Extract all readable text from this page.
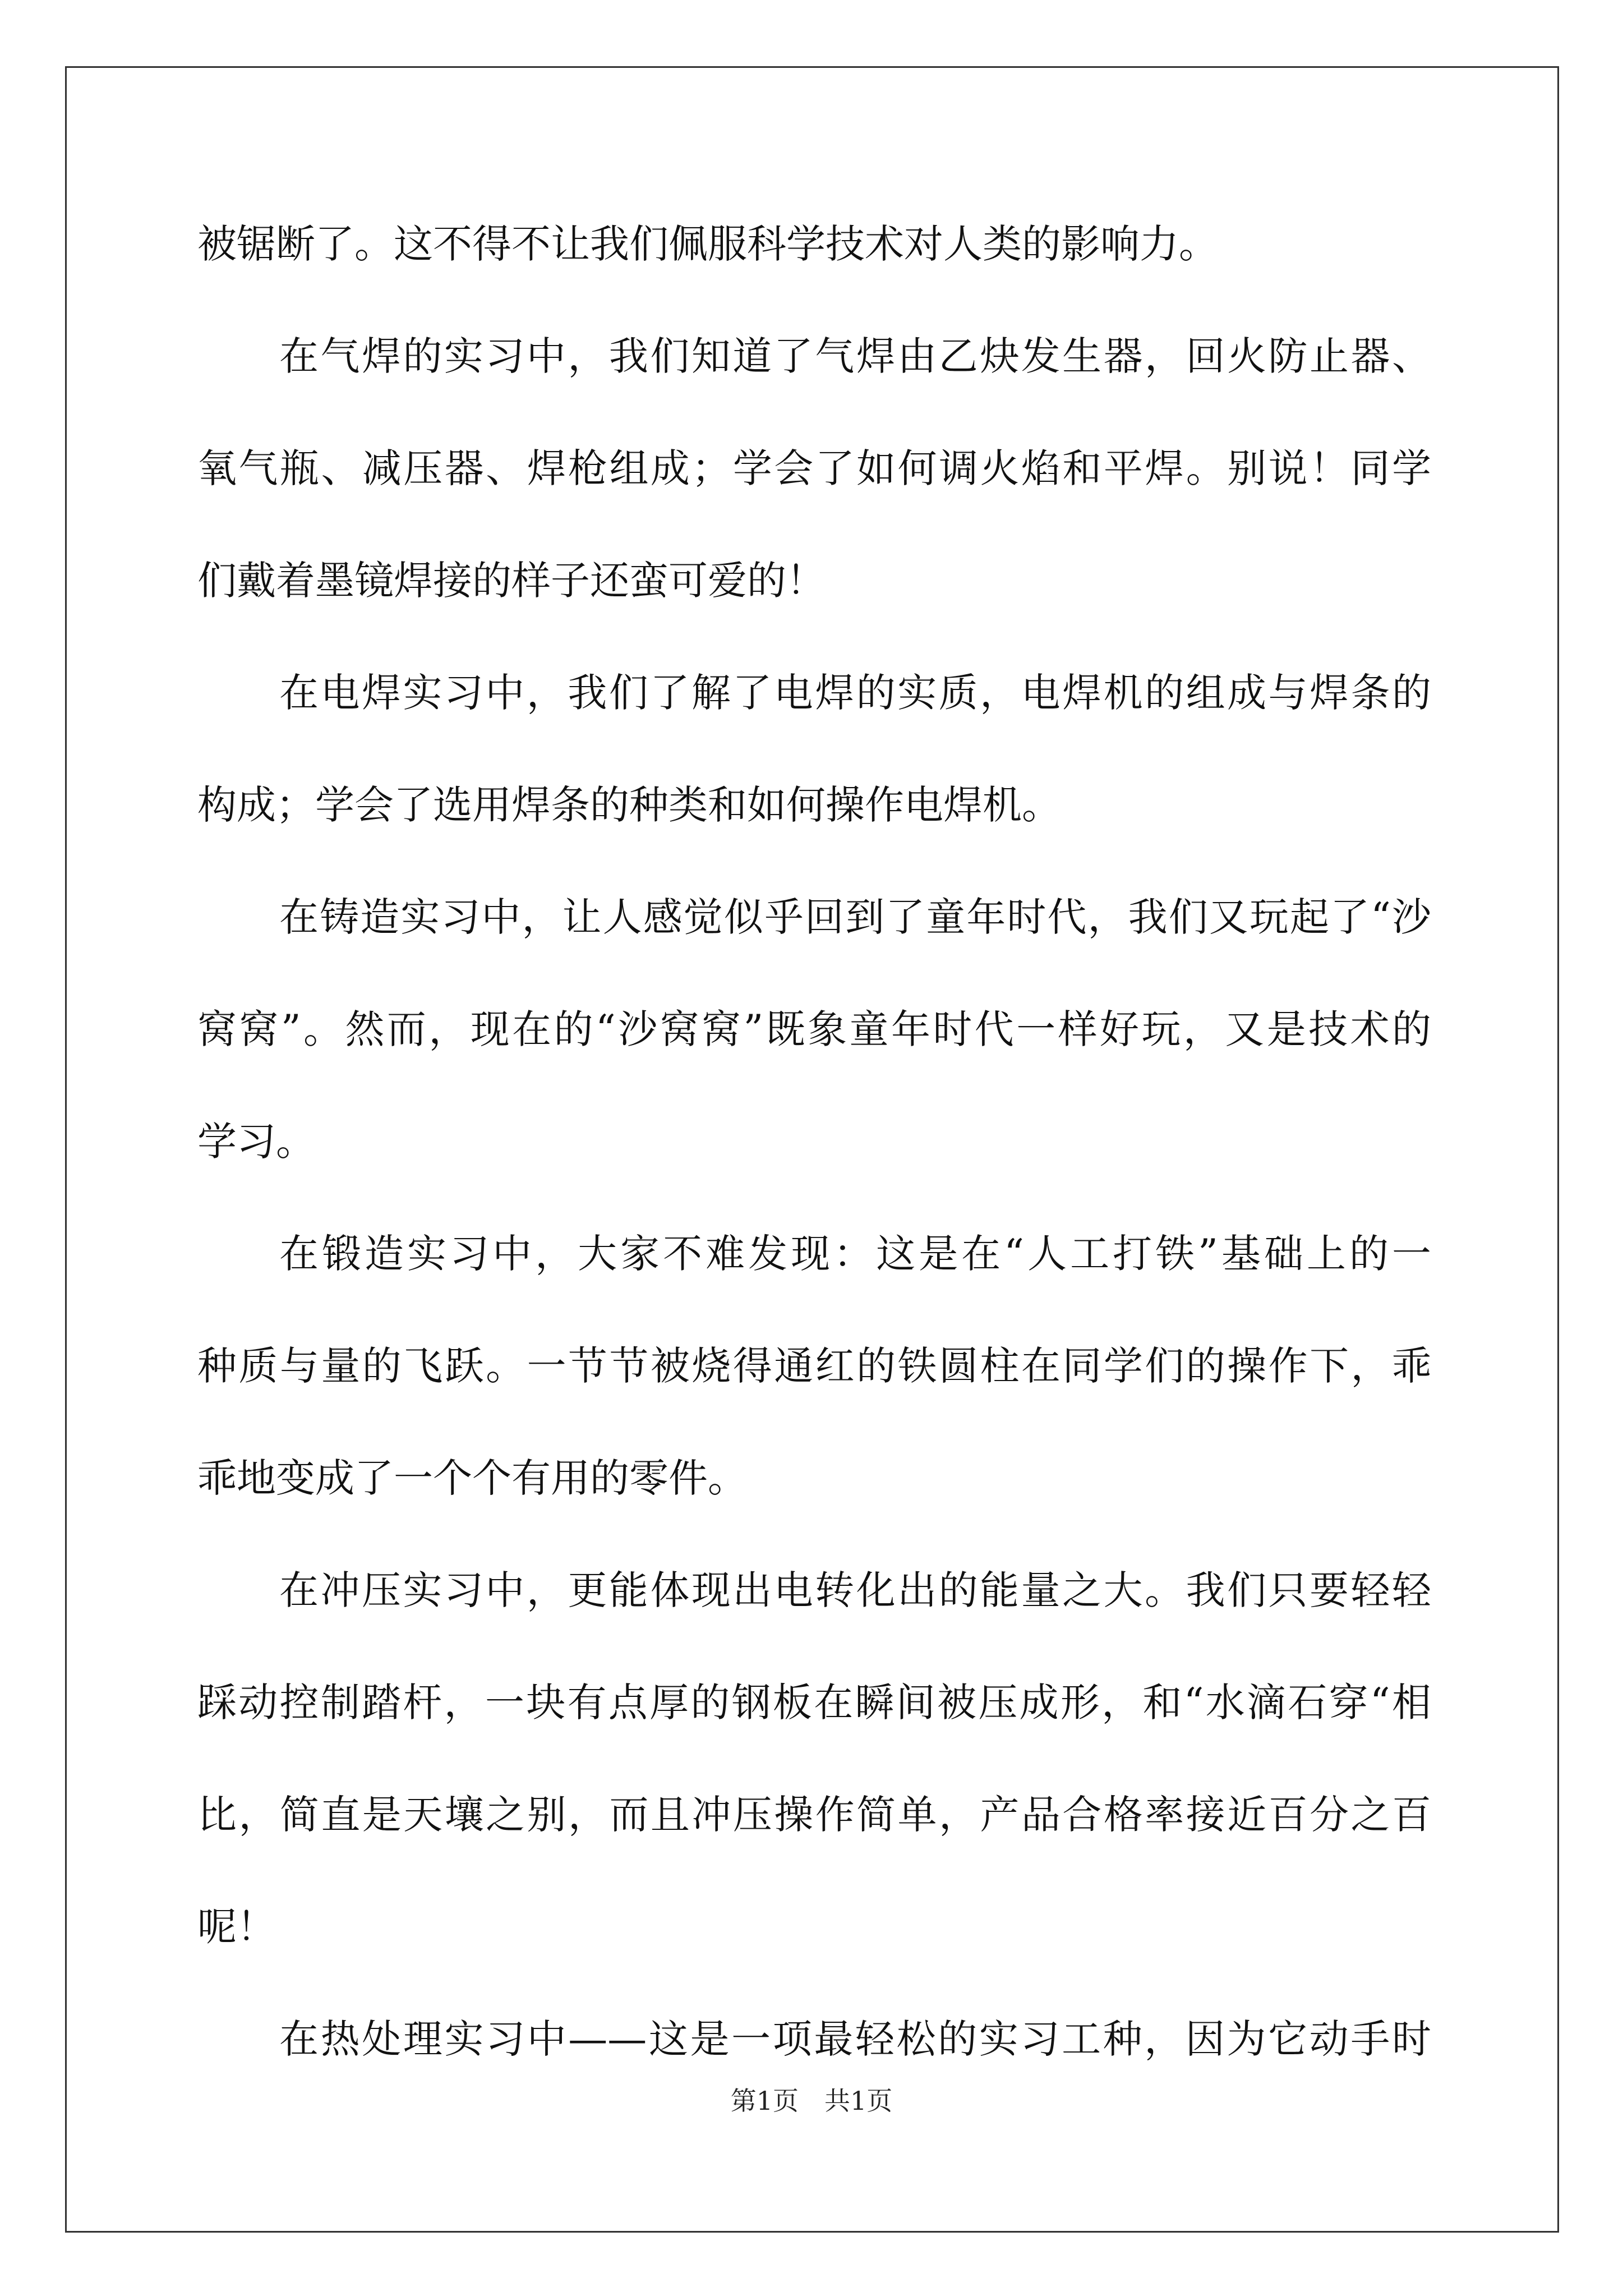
被锯断了。这不得不让我们佩服科学技术对人类的影响力。
在气焊的实习中，我们知道了气焊由乙炔发生器，回火防止器、
氧气瓶、减压器、焊枪组成；学会了如何调火焰和平焊。别说！同学
们戴着墨镜焊接的样子还蛮可爱的！
在电焊实习中，我们了解了电焊的实质，电焊机的组成与焊条的
构成；学会了选用焊条的种类和如何操作电焊机。
在铸造实习中，让人感觉似乎回到了童年时代，我们又玩起了“沙
窝窝”。然而，现在的“沙窝窝”既象童年时代一样好玩，又是技术的
学习。
在锻造实习中，大家不难发现：这是在“人工打铁”基础上的一
种质与量的飞跃。一节节被烧得通红的铁圆柱在同学们的操作下，乖
乖地变成了一个个有用的零件。
在冲压实习中，更能体现出电转化出的能量之大。我们只要轻轻
踩动控制踏杆，一块有点厚的钢板在瞬间被压成形，和“水滴石穿“相
比，简直是天壤之别，而且冲压操作简单，产品合格率接近百分之百
呢！
在热处理实习中——这是一项最轻松的实习工种，因为它动手时
第1页　共1页
